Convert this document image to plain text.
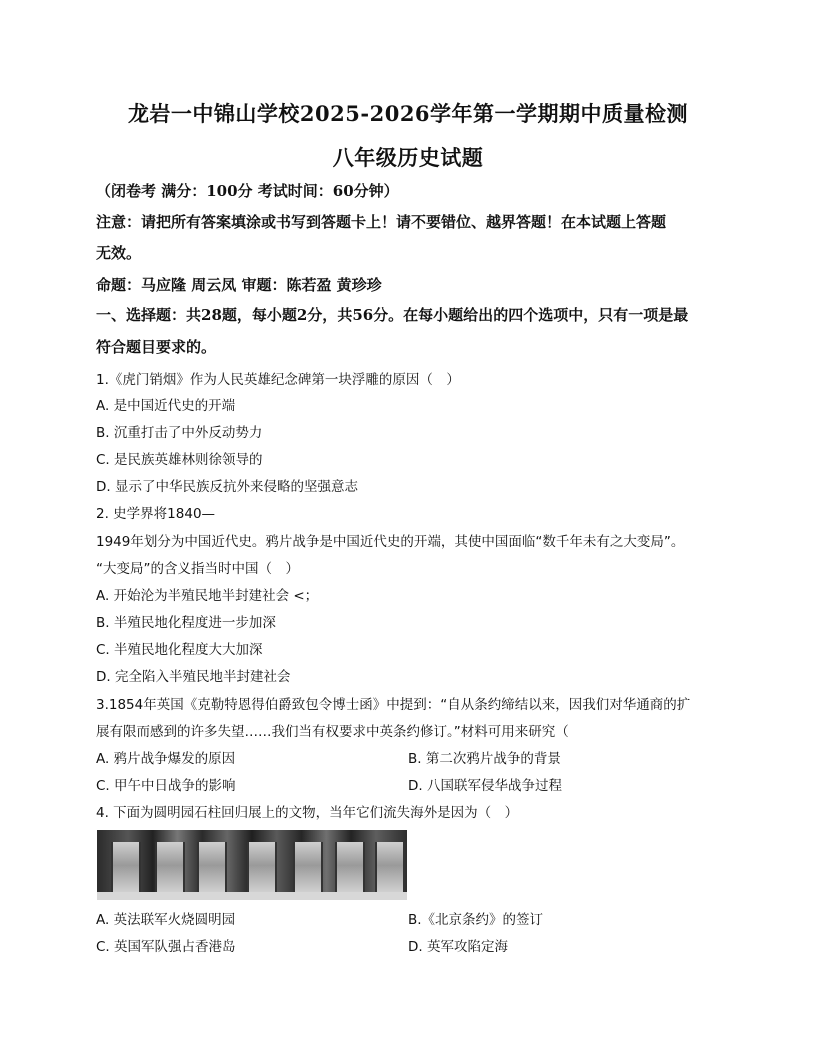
龙岩一中锦山学校2025-2026学年第一学期期中质量检测
八年级历史试题
（闭卷考 满分：100分 考试时间：60分钟）
注意：请把所有答案填涂或书写到答题卡上！请不要错位、越界答题！在本试题上答题
无效。
命题：马应隆 周云凤 审题：陈若盈 黄珍珍
一、选择题：共28题，每小题2分，共56分。在每小题给出的四个选项中，只有一项是最
符合题目要求的。
1.《虎门销烟》作为人民英雄纪念碑第一块浮雕的原因（　）
A. 是中国近代史的开端
B. 沉重打击了中外反动势力
C. 是民族英雄林则徐领导的
D. 显示了中华民族反抗外来侵略的坚强意志
2. 史学界将1840—
1949年划分为中国近代史。鸦片战争是中国近代史的开端，其使中国面临“数千年未有之大变局”。
“大变局”的含义指当时中国（　）
A. 开始沦为半殖民地半封建社会 <；
B. 半殖民地化程度进一步加深
C. 半殖民地化程度大大加深
D. 完全陷入半殖民地半封建社会
3.1854年英国《克勒特恩得伯爵致包令博士函》中提到：“自从条约缔结以来，因我们对华通商的扩
展有限而感到的许多失望……我们当有权要求中英条约修订。”材料可用来研究（
A. 鸦片战争爆发的原因	B. 第二次鸦片战争的背景
C. 甲午中日战争的影响	D. 八国联军侵华战争过程
4. 下面为圆明园石柱回归展上的文物，当年它们流失海外是因为（　）
A. 英法联军火烧圆明园	B.《北京条约》的签订
C. 英国军队强占香港岛	D. 英军攻陷定海
